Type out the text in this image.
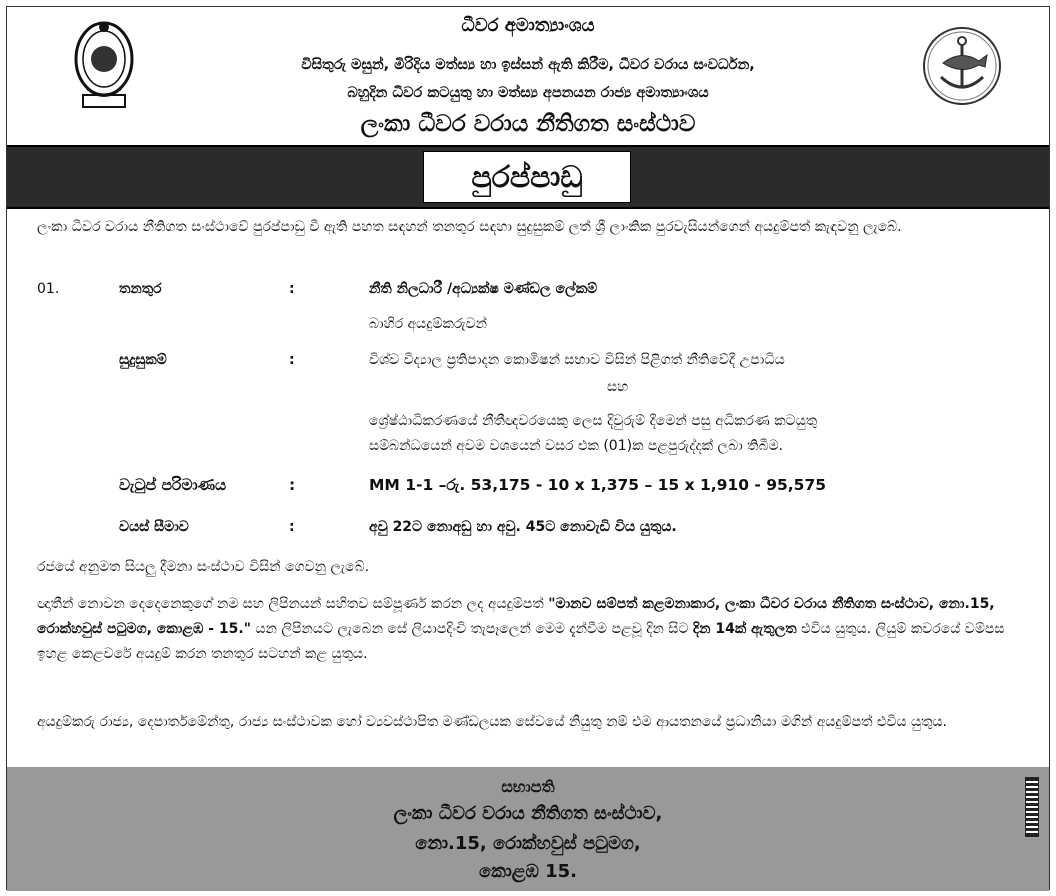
ධීවර අමාත්‍යාංශය
විසිතුරු මසුන්, මිරිදිය මත්ස්‍ය හා ඉස්සන් ඇති කිරීම, ධීවර වරාය සංවර්ධන,
බහුදින ධීවර කටයුතු හා මත්ස්‍ය අපනයන රාජ්‍ය අමාත්‍යාංශය
ලංකා ධීවර වරාය නීතිගත සංස්ථාව
පුරප්පාඩු
ලංකා ධීවර වරාය නීතිගත සංස්ථාවේ පුරප්පාඩු වී ඇති පහත සඳහන් තනතුර සඳහා සුදුසුකම් ලත් ශ්‍රී ලාංකික පුරවැසියන්ගෙන් අයදුම්පත් කැඳවනු ලැබේ.
01.	තනතුර	:	නීති නිලධාරී /අධ්‍යක්ෂ මණ්ඩල ලේකම්
බාහිර අයදුම්කරුවන්
සුදුසුකම්	:	විශ්ව විද්‍යාල ප්‍රතිපාදන කොමිෂන් සභාව විසින් පිළිගත් නීතිවේදී උපාධිය
සහ
ශ්‍රේෂ්ඨාධිකරණයේ නීතීඥවරයෙකු ලෙස දිවුරුම් දීමෙන් පසු අධිකරණ කටයුතු
සම්බන්ධයෙන් අවම වශයෙන් වසර එක (01)ක පළපුරුද්දක් ලබා තිබීම.
වැටුප් පරිමාණය	:	MM 1-1 –රු. 53,175 - 10 x 1,375 – 15 x 1,910 - 95,575
වයස් සීමාව	:	අවු 22ට නොඅඩු හා අවු. 45ට නොවැඩි විය යුතුය.
රජයේ අනුමත සියලු දීමනා සංස්ථාව විසින් ගෙවනු ලැබේ.
ඥාතීන් නොවන දෙදෙනෙකුගේ නම සහ ලිපිනයන් සහිතව සම්පූර්ණ කරන ලද අයදුම්පත් "මානව සම්පත් කළමනාකාර, ලංකා ධීවර වරාය නීතිගත සංස්ථාව, නො.15, රොක්හවුස් පටුමග, කොළඹ - 15." යන ලිපිනයට ලැබෙන සේ ලියාපදිංචි තැපෑලෙන් මෙම දැන්වීම පළවූ දින සිට දින 14ක් ඇතුලත එවිය යුතුය. ලියුම් කවරයේ වම්පස ඉහළ කෙළවරේ අයදුම් කරන තනතුර සටහන් කළ යුතුය.
අයදුම්කරු රාජ්‍ය, දෙපාර්තමේන්තු, රාජ්‍ය සංස්ථාවක හෝ ව්‍යවස්ථාපිත මණ්ඩලයක සේවයේ නියුතු නම් එම ආයතනයේ ප්‍රධානියා මගින් අයදුම්පත් එවිය යුතුය.
සභාපති
ලංකා ධීවර වරාය නීතිගත සංස්ථාව,
නො.15, රොක්හවුස් පටුමග,
කොළඹ 15.
